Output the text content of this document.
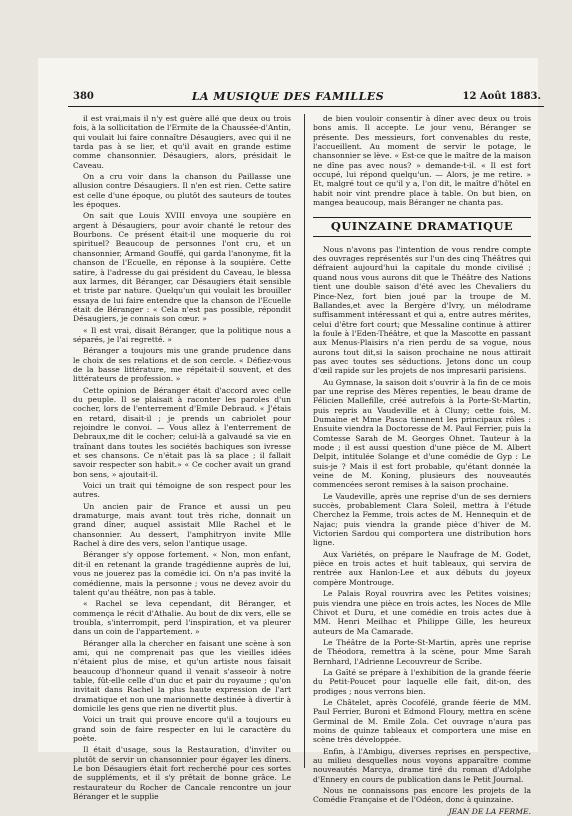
380	LA MUSIQUE DES FAMILLES	12 Août 1883.

il est vrai,mais il n'y est guère allé que deux ou trois fois, à la sollicitation de l'Ermite de la Chaussée-d'Antin, qui voulait lui faire connaître Désaugiers, avec qui il ne tarda pas à se lier, et qu'il avait en grande estime comme chansonnier. Désaugiers, alors, présidait le Caveau.

On a cru voir dans la chanson du Paillasse une allusion contre Désaugiers. Il n'en est rien. Cette satire est celle d'une époque, ou plutôt des sauteurs de toutes les époques.

On sait que Louis XVIII envoya une soupière en argent à Désaugiers, pour avoir chanté le retour des Bourbons. Ce présent était-il une moquerie du roi spirituel? Beaucoup de personnes l'ont cru, et un chansonnier, Armand Gouffé, qui garda l'anonyme, fit la chanson de l'Ecuelle, en réponse à la soupière. Cette satire, à l'adresse du gai président du Caveau, le blessa aux larmes, dit Béranger, car Désaugiers était sensible et triste par nature. Quelqu'un qui voulait les brouiller essaya de lui faire entendre que la chanson de l'Ecuelle était de Béranger : « Cela n'est pas possible, répondit Désaugiers, je connais son cœur. »

« Il est vrai, disait Béranger, que la politique nous a séparés, je l'ai regretté. »

Béranger a toujours mis une grande prudence dans le choix de ses relations et de son cercle. « Défiez-vous de la basse littérature, me répétait-il souvent, et des littérateurs de profession. »

Cette opinion de Béranger était d'accord avec celle du peuple. Il se plaisait à raconter les paroles d'un cocher, lors de l'enterrement d'Emile Debraud. « J'étais en retard, disait-il ; je prends un cabriolet pour rejoindre le convoi. — Vous allez à l'enterrement de Debraux,me dit le cocher; celui-là a galvaudé sa vie en traînant dans toutes les sociétés bachiques son ivresse et ses chansons. Ce n'était pas là sa place ; il fallait savoir respecter son habit.» « Ce cocher avait un grand bon sens, » ajoutait-il.

Voici un trait qui témoigne de son respect pour les autres.

Un ancien pair de France et aussi un peu dramaturge, mais avant tout très riche, donnait un grand dîner, auquel assistait Mlle Rachel et le chansonnier. Au dessert, l'amphitryon invite Mlle Rachel à dire des vers, selon l'antique usage.

Béranger s'y oppose fortement. « Non, mon enfant, dit-il en retenant la grande tragédienne auprès de lui, vous ne jouerez pas la comédie ici. On n'a pas invité la comédienne, mais la personne ; vous ne devez avoir du talent qu'au théâtre, non pas à table.

« Rachel se leva cependant, dit Béranger, et commença le récit d'Athalie. Au bout de dix vers, elle se troubla, s'interrompit, perd l'inspiration, et va pleurer dans un coin de l'appartement. »

Béranger alla la chercher en faisant une scène à son ami, qui ne comprenait pas que les vieilles idées n'étaient plus de mise, et qu'un artiste nous faisait beaucoup d'honneur quand il venait s'asseoir à notre table, fût-elle celle d'un duc et pair du royaume ; qu'on invitait dans Rachel la plus haute expression de l'art dramatique et non une marionnette destinée à divertir à domicile les gens que rien ne divertit plus.

Voici un trait qui prouve encore qu'il a toujours eu grand soin de faire respecter en lui le caractère du poète.

Il était d'usage, sous la Restauration, d'inviter ou plutôt de servir un chansonnier pour égayer les dîners. Le bon Désaugiers était fort recherché pour ces sortes de suppléments, et il s'y prêtait de bonne grâce. Le restaurateur du Rocher de Cancale rencontre un jour Béranger et le supplie

de bien vouloir consentir à dîner avec deux ou trois bons amis. Il accepte. Le jour venu, Béranger se présente. Des messieurs, fort convenables du reste, l'accueillent. Au moment de servir le potage, le chansonnier se lève. « Est-ce que le maître de la maison ne dîne pas avec nous? » demande-t-il. « Il est fort occupé, lui répond quelqu'un. — Alors, je me retire. » Et, malgré tout ce qu'il y a, l'on dit, le maître d'hôtel en habit noir vint prendre place à table. On but bien, on mangea beaucoup, mais Béranger ne chanta pas.

QUINZAINE DRAMATIQUE

Nous n'avons pas l'intention de vous rendre compte des ouvrages représentés sur l'un des cinq Théâtres qui défraient aujourd'hui la capitale du monde civilisé ; quand nous vous aurons dit que le Théâtre des Nations tient une double saison d'été avec les Chevaliers du Pince-Nez, fort bien joué par la troupe de M. Ballandes,et avec la Bergère d'Ivry, un mélodrame suffisamment intéressant et qui a, entre autres mérites, celui d'être fort court; que Messaline continue à attirer la foule à l'Eden-Théâtre, et que la Mascotte en passant aux Menus-Plaisirs n'a rien perdu de sa vogue, nous aurons tout dit,si la saison prochaine ne nous attirait pas avec toutes ses séductions. Jetons donc un coup d'œil rapide sur les projets de nos impresarii parisiens.

Au Gymnase, la saison doit s'ouvrir à la fin de ce mois par une reprise des Mères repenties, le beau drame de Félicien Mallefille, créé autrefois à la Porte-St-Martin, puis repris au Vaudeville et à Cluny; cette fois, M. Dumaine et Mme Pasca tiennent les principaux rôles : Ensuite viendra la Doctoresse de M. Paul Ferrier, puis la Comtesse Sarah de M. Georges Ohnet. Tauteur à la mode ; il est aussi question d'une pièce de M. Albert Delpit, intitulée Solange et d'une comédie de Gyp : Le suis-je ? Mais il est fort probable, qu'étant donnée la veine de M. Koning, plusieurs des nouveautés commencées seront remises à la saison prochaine.

Le Vaudeville, après une reprise d'un de ses derniers succès, probablement Clara Soleil, mettra à l'étude Cherchez la Femme, trois actes de M. Hennequin et de Najac; puis viendra la grande pièce d'hiver de M. Victorien Sardou qui comportera une distribution hors ligne.

Aux Variétés, on prépare le Naufrage de M. Godet, pièce en trois actes et huit tableaux, qui servira de rentrée aux Hanlon-Lee et aux débuts du joyeux compère Montrouge.

Le Palais Royal rouvrira avec les Petites voisines; puis viendra une pièce en trois actes, les Noces de Mlle Chivot et Duru, et une comédie en trois actes due à MM. Henri Meilhac et Philippe Gille, les heureux auteurs de Ma Camarade.

Le Théâtre de la Porte-St-Martin, après une reprise de Théodora, remettra à la scène, pour Mme Sarah Bernhard, l'Adrienne Lecouvreur de Scribe.

La Gaîté se prépare à l'exhibition de la grande féerie du Petit-Poucet pour laquelle elle fait, dit-on, des prodiges ; nous verrons bien.

Le Châtelet, après Cocofélé, grande féerie de MM. Paul Ferrier, Buroni et Edmond Floury, mettra en scène Germinal de M. Emile Zola. Cet ouvrage n'aura pas moins de quinze tableaux et comportera une mise en scène très développée.

Enfin, à l'Ambigu, diverses reprises en perspective, au milieu desquelles nous voyons apparaître comme nouveautés Marcya, drame tiré du roman d'Adolphe d'Ennery en cours de publication dans le Petit Journal.

Nous ne connaissons pas encore les projets de la Comédie Française et de l'Odéon, donc à quinzaine.

JEAN DE LA FERME.
